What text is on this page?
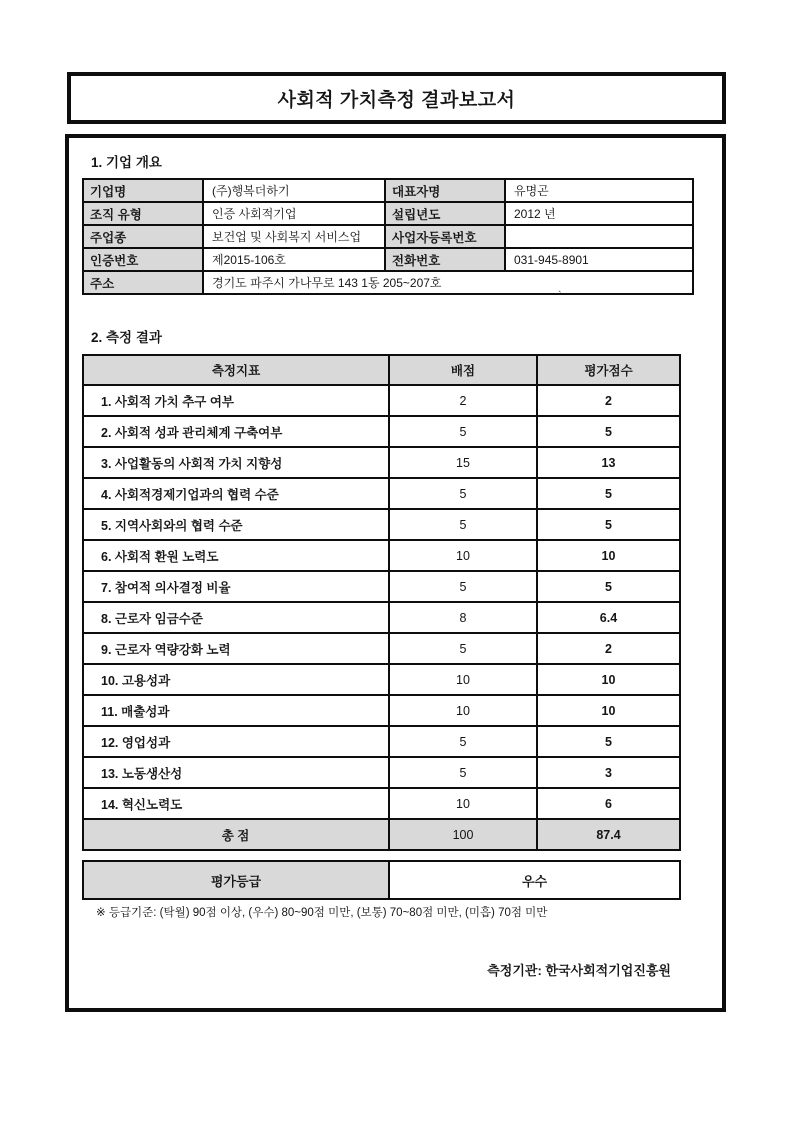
사회적 가치측정 결과보고서
1. 기업 개요
기업명	(주)행복더하기	대표자명	유명곤
조직 유형	인증 사회적기업	설립년도	2012 년
주업종	보건업 및 사회복지 서비스업	사업자등록번호	
인증번호	제2015-106호	전화번호	031-945-8901
주소	경기도 파주시 가나무로 143 1동 205~207호		
`
2. 측정 결과
측정지표	배점	평가점수
1. 사회적 가치 추구 여부	2	2
2. 사회적 성과 관리체계 구축여부	5	5
3. 사업활동의 사회적 가치 지향성	15	13
4. 사회적경제기업과의 협력 수준	5	5
5. 지역사회와의 협력 수준	5	5
6. 사회적 환원 노력도	10	10
7. 참여적 의사결정 비율	5	5
8. 근로자 임금수준	8	6.4
9. 근로자 역량강화 노력	5	2
10. 고용성과	10	10
11. 매출성과	10	10
12. 영업성과	5	5
13. 노동생산성	5	3
14. 혁신노력도	10	6
총 점	100	87.4
평가등급	우수
※ 등급기준: (탁월) 90점 이상, (우수) 80~90점 미만, (보통) 70~80점 미만, (미흡) 70점 미만
측정기관: 한국사회적기업진흥원
